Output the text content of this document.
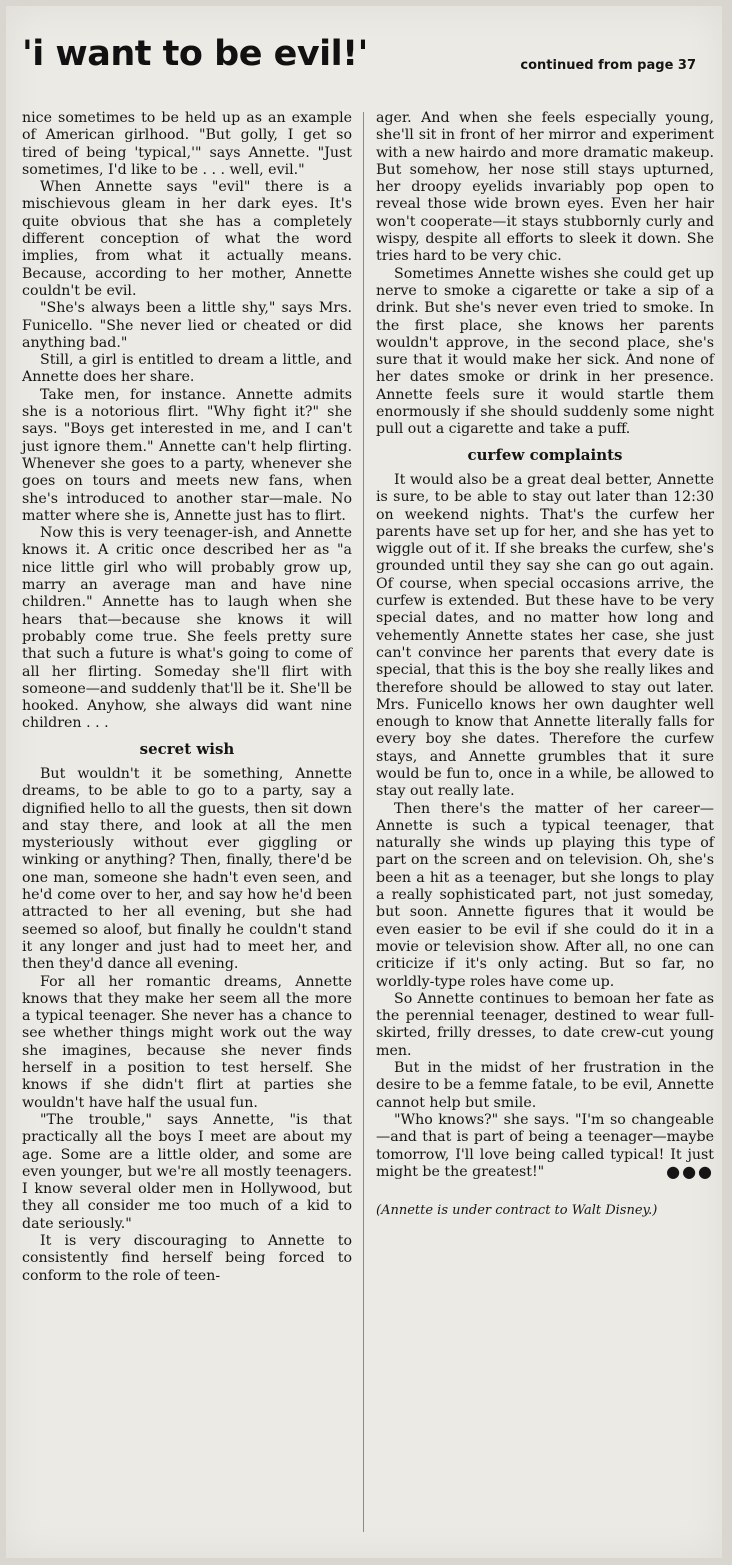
'i want to be evil!'	continued from page 37

nice sometimes to be held up as an example of American girlhood. "But golly, I get so tired of being 'typical,'" says Annette. "Just sometimes, I'd like to be . . . well, evil."

When Annette says "evil" there is a mischievous gleam in her dark eyes. It's quite obvious that she has a completely different conception of what the word implies, from what it actually means. Because, according to her mother, Annette couldn't be evil.

"She's always been a little shy," says Mrs. Funicello. "She never lied or cheated or did anything bad."

Still, a girl is entitled to dream a little, and Annette does her share.

Take men, for instance. Annette admits she is a notorious flirt. "Why fight it?" she says. "Boys get interested in me, and I can't just ignore them." Annette can't help flirting. Whenever she goes to a party, whenever she goes on tours and meets new fans, when she's introduced to another star—male. No matter where she is, Annette just has to flirt.

Now this is very teenager-ish, and Annette knows it. A critic once described her as "a nice little girl who will probably grow up, marry an average man and have nine children." Annette has to laugh when she hears that—because she knows it will probably come true. She feels pretty sure that such a future is what's going to come of all her flirting. Someday she'll flirt with someone—and suddenly that'll be it. She'll be hooked. Anyhow, she always did want nine children . . .

secret wish

But wouldn't it be something, Annette dreams, to be able to go to a party, say a dignified hello to all the guests, then sit down and stay there, and look at all the men mysteriously without ever giggling or winking or anything? Then, finally, there'd be one man, someone she hadn't even seen, and he'd come over to her, and say how he'd been attracted to her all evening, but she had seemed so aloof, but finally he couldn't stand it any longer and just had to meet her, and then they'd dance all evening.

For all her romantic dreams, Annette knows that they make her seem all the more a typical teenager. She never has a chance to see whether things might work out the way she imagines, because she never finds herself in a position to test herself. She knows if she didn't flirt at parties she wouldn't have half the usual fun.

"The trouble," says Annette, "is that practically all the boys I meet are about my age. Some are a little older, and some are even younger, but we're all mostly teenagers. I know several older men in Hollywood, but they all consider me too much of a kid to date seriously."

It is very discouraging to Annette to consistently find herself being forced to conform to the role of teen-

ager. And when she feels especially young, she'll sit in front of her mirror and experiment with a new hairdo and more dramatic makeup. But somehow, her nose still stays upturned, her droopy eyelids invariably pop open to reveal those wide brown eyes. Even her hair won't cooperate—it stays stubbornly curly and wispy, despite all efforts to sleek it down. She tries hard to be very chic.

Sometimes Annette wishes she could get up nerve to smoke a cigarette or take a sip of a drink. But she's never even tried to smoke. In the first place, she knows her parents wouldn't approve, in the second place, she's sure that it would make her sick. And none of her dates smoke or drink in her presence. Annette feels sure it would startle them enormously if she should suddenly some night pull out a cigarette and take a puff.

curfew complaints

It would also be a great deal better, Annette is sure, to be able to stay out later than 12:30 on weekend nights. That's the curfew her parents have set up for her, and she has yet to wiggle out of it. If she breaks the curfew, she's grounded until they say she can go out again. Of course, when special occasions arrive, the curfew is extended. But these have to be very special dates, and no matter how long and vehemently Annette states her case, she just can't convince her parents that every date is special, that this is the boy she really likes and therefore should be allowed to stay out later. Mrs. Funicello knows her own daughter well enough to know that Annette literally falls for every boy she dates. Therefore the curfew stays, and Annette grumbles that it sure would be fun to, once in a while, be allowed to stay out really late.

Then there's the matter of her career—Annette is such a typical teenager, that naturally she winds up playing this type of part on the screen and on television. Oh, she's been a hit as a teenager, but she longs to play a really sophisticated part, not just someday, but soon. Annette figures that it would be even easier to be evil if she could do it in a movie or television show. After all, no one can criticize if it's only acting. But so far, no worldly-type roles have come up.

So Annette continues to bemoan her fate as the perennial teenager, destined to wear full-skirted, frilly dresses, to date crew-cut young men.

But in the midst of her frustration in the desire to be a femme fatale, to be evil, Annette cannot help but smile.

"Who knows?" she says. "I'm so changeable—and that is part of being a teenager—maybe tomorrow, I'll love being called typical! It just might be the greatest!"	●●●

(Annette is under contract to Walt Disney.)
